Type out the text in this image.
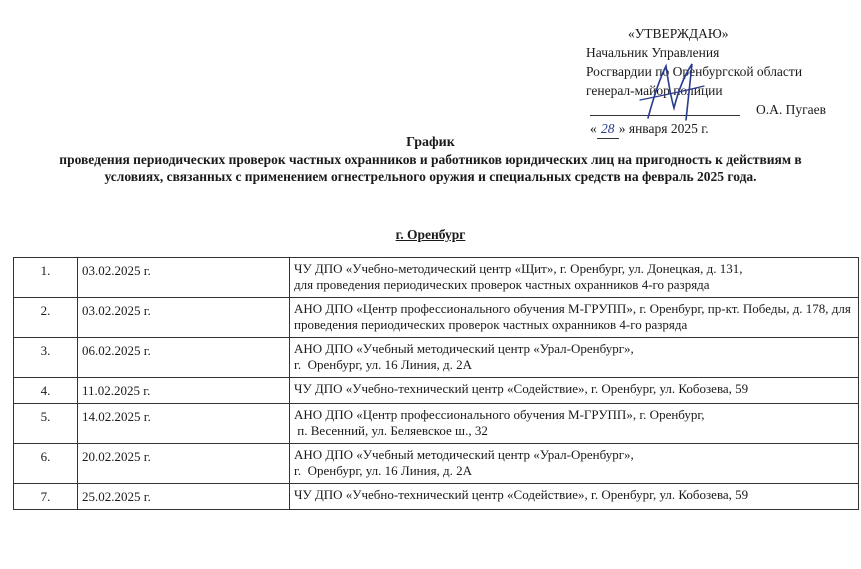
«УТВЕРЖДАЮ»
Начальник Управления
Росгвардии по Оренбургской области
генерал-майор полиции
О.А. Пугаев
« 28 » января 2025 г.
График
проведения периодических проверок частных охранников и работников юридических лиц на пригодность к действиям в условиях, связанных с применением огнестрельного оружия и специальных средств на февраль 2025 года.
г. Оренбург
1.	03.02.2025 г.	ЧУ ДПО «Учебно-методический центр «Щит», г. Оренбург, ул. Донецкая, д. 131,
для проведения периодических проверок частных охранников 4-го разряда

2.	03.02.2025 г.	АНО ДПО «Центр профессионального обучения М-ГРУПП», г. Оренбург, пр-кт. Победы, д. 178, для проведения периодических проверок частных охранников 4-го разряда

3.	06.02.2025 г.	АНО ДПО «Учебный методический центр «Урал-Оренбург»,
г.  Оренбург, ул. 16 Линия, д. 2А

4.	11.02.2025 г.	ЧУ ДПО «Учебно-технический центр «Содействие», г. Оренбург, ул. Кобозева, 59

5.	14.02.2025 г.	АНО ДПО «Центр профессионального обучения М-ГРУПП», г. Оренбург,
п. Весенний, ул. Беляевское ш., 32

6.	20.02.2025 г.	АНО ДПО «Учебный методический центр «Урал-Оренбург»,
г.  Оренбург, ул. 16 Линия, д. 2А

7.	25.02.2025 г.	ЧУ ДПО «Учебно-технический центр «Содействие», г. Оренбург, ул. Кобозева, 59
